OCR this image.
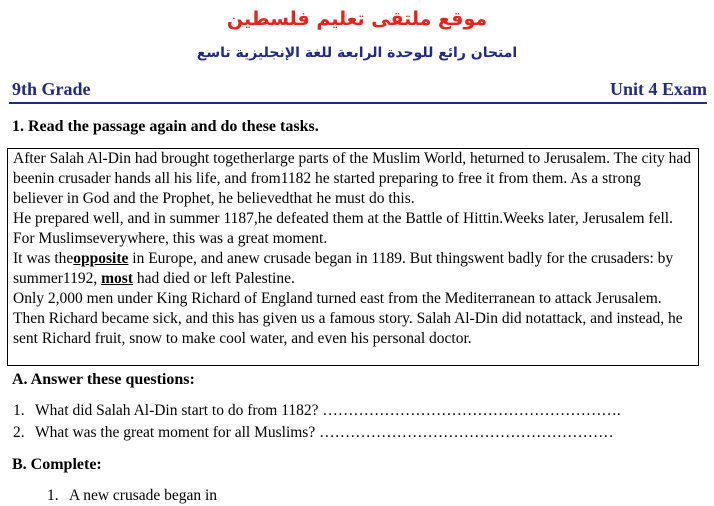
موقع ملتقى تعليم فلسطين
امتحان رائع للوحدة الرابعة للغة الإنجليزية تاسع
9th Grade	Unit 4 Exam
1. Read the passage again and do these tasks.

After Salah Al-Din had brought togetherlarge parts of the Muslim World, heturned to Jerusalem. The city had beenin crusader hands all his life, and from1182 he started preparing to free it from them. As a strong believer in God and the Prophet, he believedthat he must do this.

He prepared well, and in summer 1187,he defeated them at the Battle of Hittin.Weeks later, Jerusalem fell. For Muslimseverywhere, this was a great moment.

It was theopposite in Europe, and anew crusade began in 1189. But thingswent badly for the crusaders: by summer1192, most had died or left Palestine.

Only 2,000 men under King Richard of England turned east from the Mediterranean to attack Jerusalem. Then Richard became sick, and this has given us a famous story. Salah Al-Din did notattack, and instead, he sent Richard fruit, snow to make cool water, and even his personal doctor.

A. Answer these questions:
1. What did Salah Al-Din start to do from 1182? ………………………………………………….
2. What was the great moment for all Muslims? …………………………………………………
B. Complete:
1. A new crusade began in
